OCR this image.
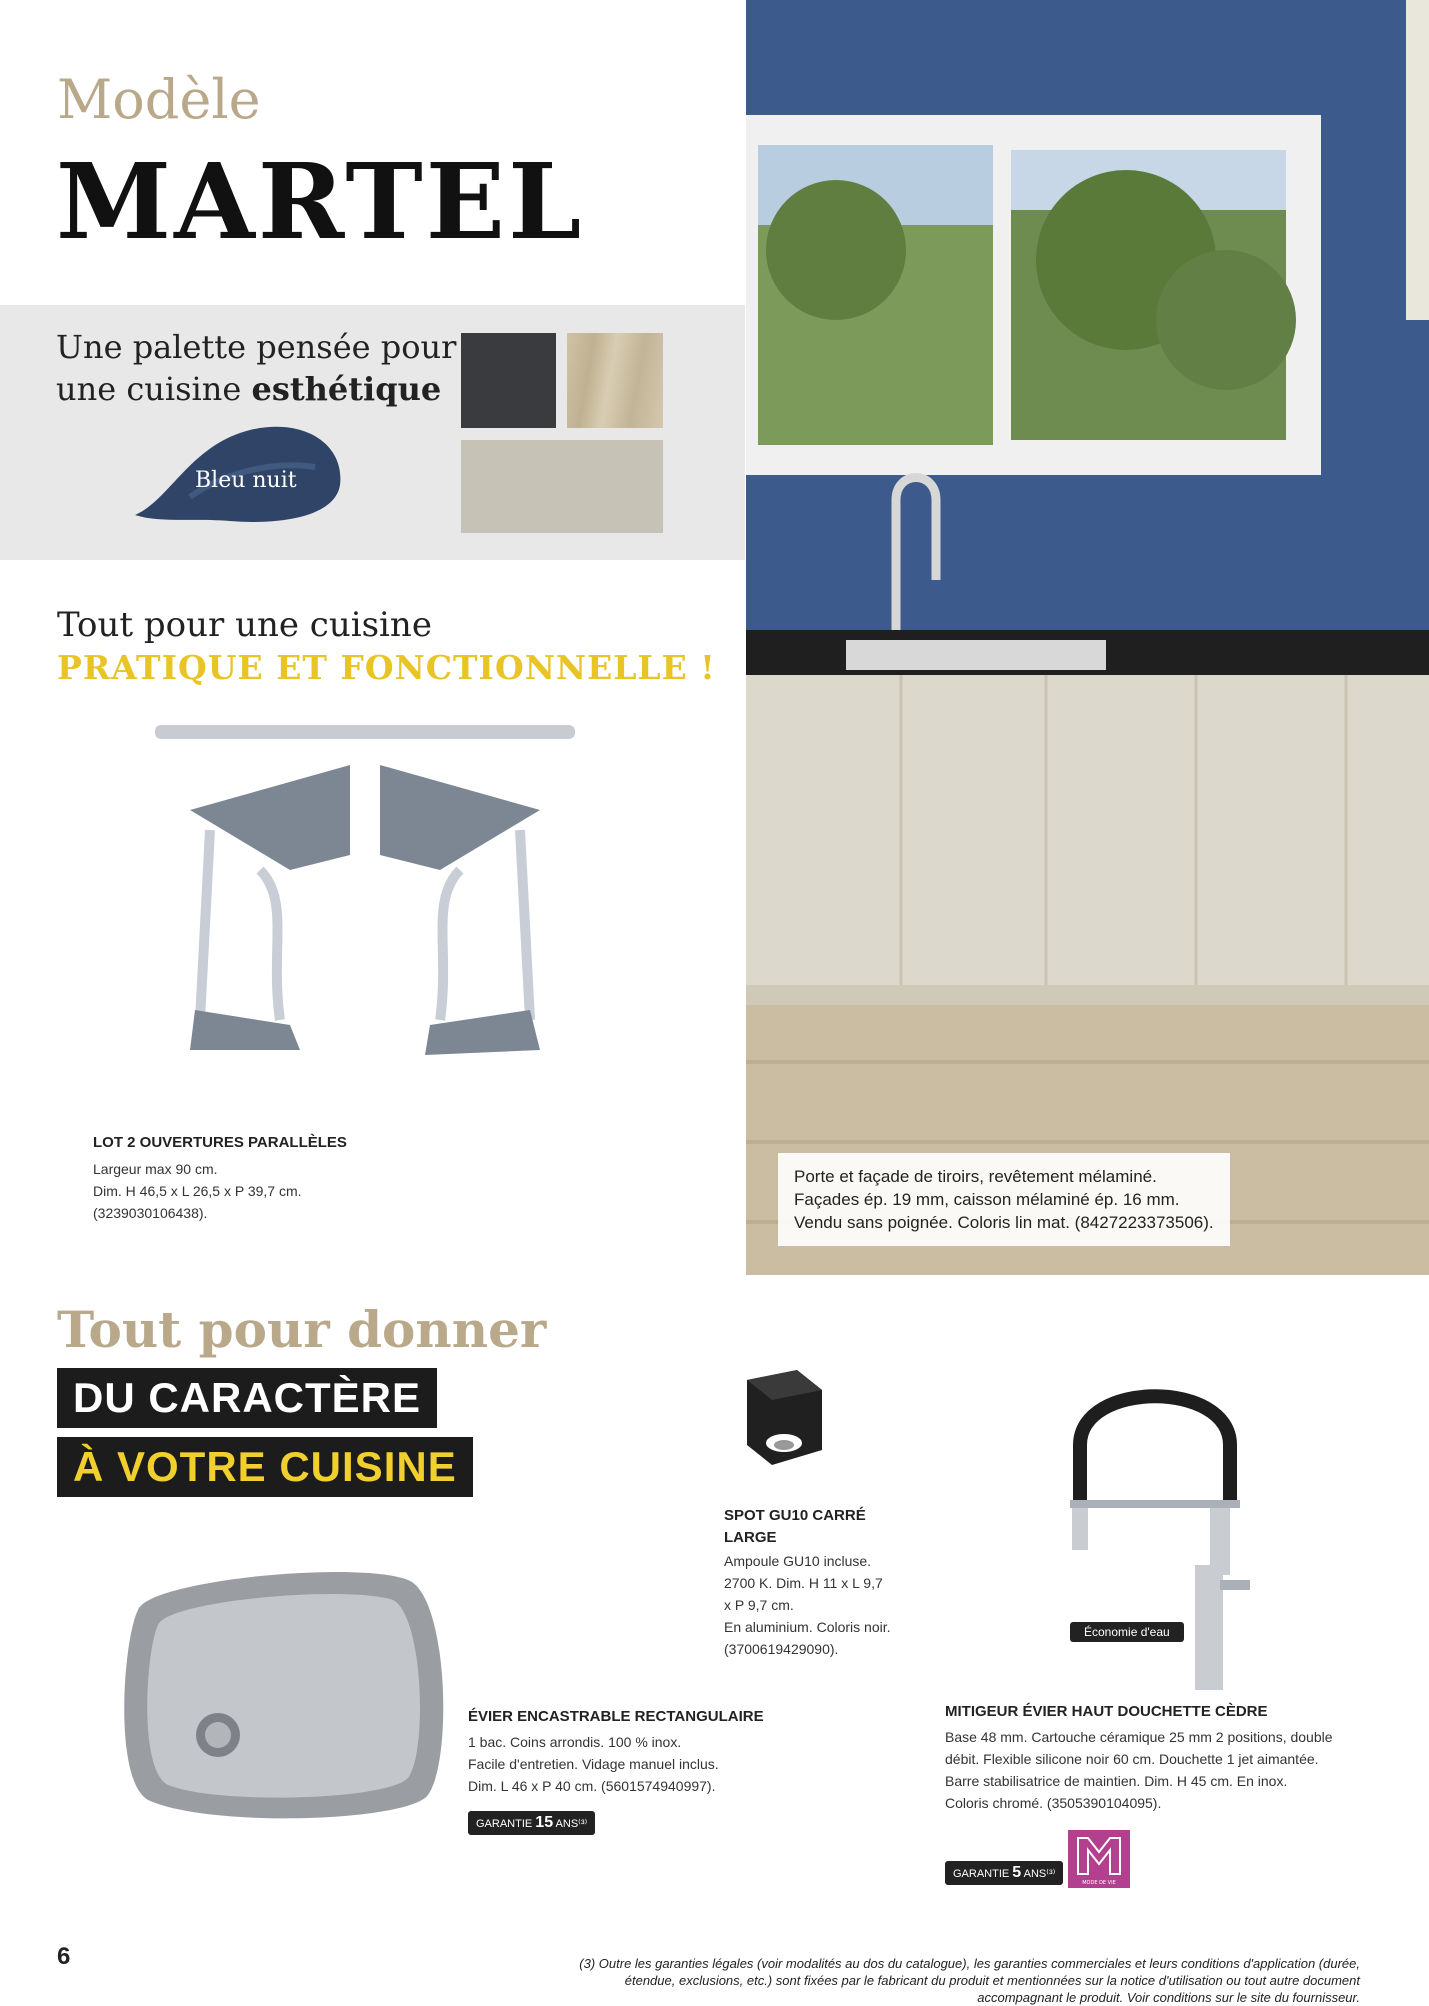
Modèle
MARTEL
Une palette pensée pour
une cuisine esthétique
Bleu nuit
Porte et façade de tiroirs, revêtement mélaminé.
Façades ép. 19 mm, caisson mélaminé ép. 16 mm.
Vendu sans poignée. Coloris lin mat. (8427223373506).
Tout pour une cuisine
PRATIQUE ET FONCTIONNELLE !
LOT 2 OUVERTURES PARALLÈLES
Largeur max 90 cm.
Dim. H 46,5 x L 26,5 x P 39,7 cm.
(3239030106438).
Tout pour donner
DU CARACTÈRE
À VOTRE CUISINE
SPOT GU10 CARRÉ
LARGE
Ampoule GU10 incluse.
2700 K. Dim. H 11 x L 9,7
x P 9,7 cm.
En aluminium. Coloris noir.
(3700619429090).
Économie d'eau
MITIGEUR ÉVIER HAUT DOUCHETTE CÈDRE
Base 48 mm. Cartouche céramique 25 mm 2 positions, double
débit. Flexible silicone noir 60 cm. Douchette 1 jet aimantée.
Barre stabilisatrice de maintien. Dim. H 45 cm. En inox.
Coloris chromé. (3505390104095).
GARANTIE 5 ANS⁽³⁾
MODE DE VIE
ÉVIER ENCASTRABLE RECTANGULAIRE
1 bac. Coins arrondis. 100 % inox.
Facile d'entretien. Vidage manuel inclus.
Dim. L 46 x P 40 cm. (5601574940997).
GARANTIE 15 ANS⁽³⁾
6	(3) Outre les garanties légales (voir modalités au dos du catalogue), les garanties commerciales et leurs conditions d'application (durée,
étendue, exclusions, etc.) sont fixées par le fabricant du produit et mentionnées sur la notice d'utilisation ou tout autre document
accompagnant le produit. Voir conditions sur le site du fournisseur.
